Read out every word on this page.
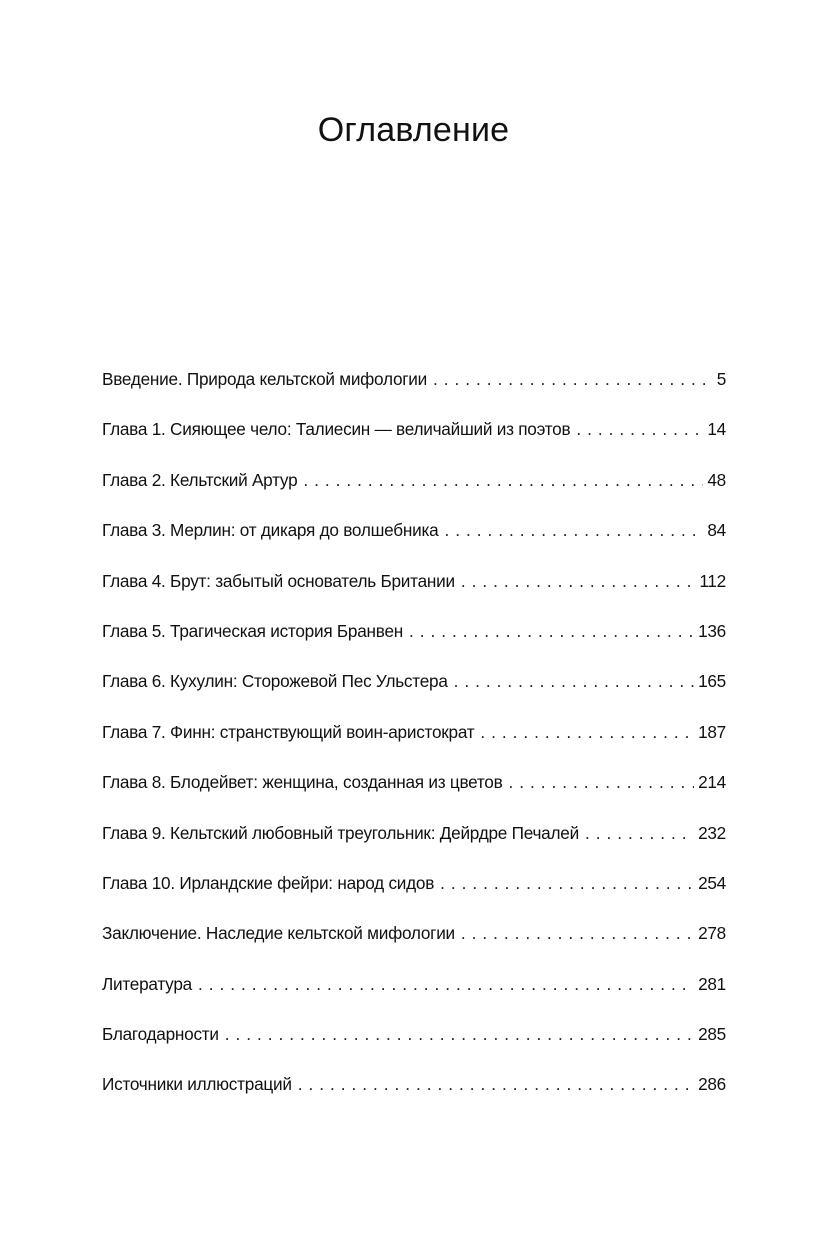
Оглавление
Введение. Природа кельтской мифологии . . .	5
Глава 1. Сияющее чело: Талиесин — величайший из поэтов . . .	14
Глава 2. Кельтский Артур . . .	48
Глава 3. Мерлин: от дикаря до волшебника . . .	84
Глава 4. Брут: забытый основатель Британии . . .	112
Глава 5. Трагическая история Бранвен . . .	136
Глава 6. Кухулин: Сторожевой Пес Ульстера . . .	165
Глава 7. Финн: странствующий воин-аристократ . . .	187
Глава 8. Блодейвет: женщина, созданная из цветов . . .	214
Глава 9. Кельтский любовный треугольник: Дейрдре Печалей . . .	232
Глава 10. Ирландские фейри: народ сидов . . .	254
Заключение. Наследие кельтской мифологии . . .	278
Литература . . .	281
Благодарности . . .	285
Источники иллюстраций . . .	286
